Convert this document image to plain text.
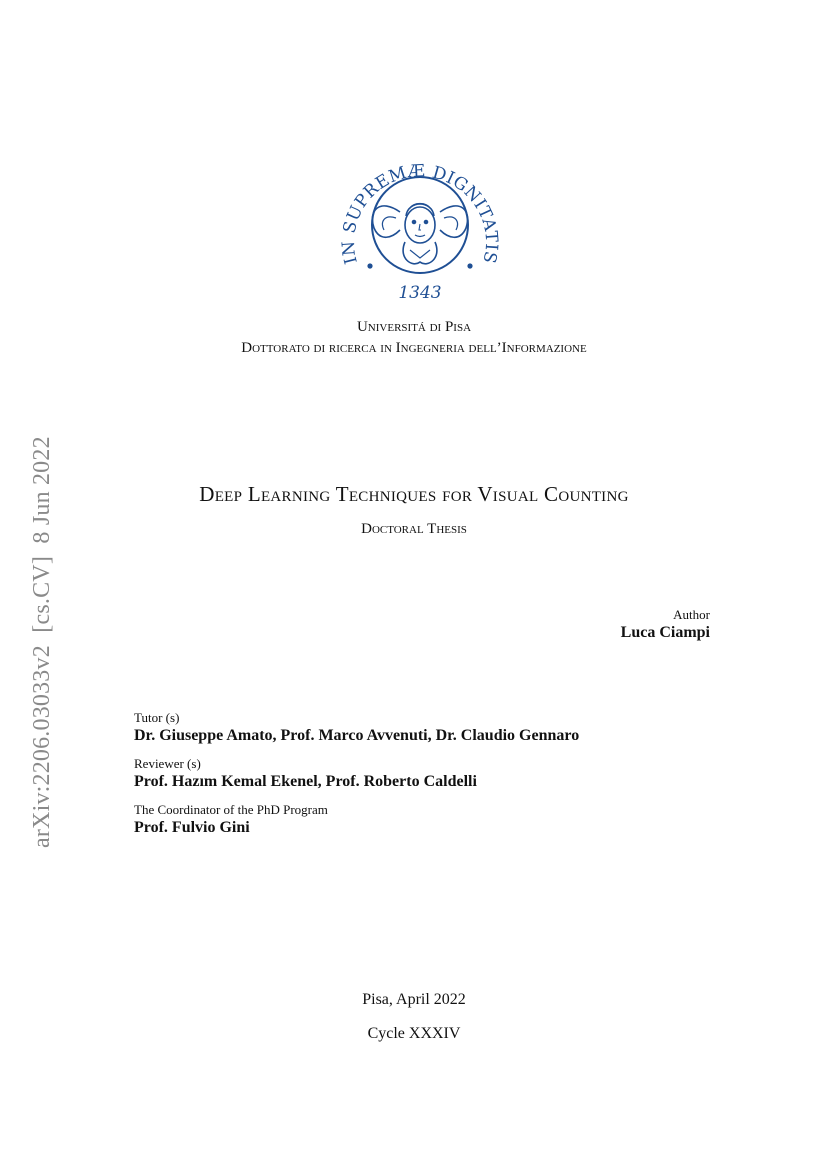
arXiv:2206.03033v2  [cs.CV]  8 Jun 2022
IN SUPREMÆ DIGNITATIS
1343
Universitá di Pisa
Dottorato di ricerca in Ingegneria dell’Informazione
Deep Learning Techniques for Visual Counting
Doctoral Thesis
Author
Luca Ciampi
Tutor (s)
Dr. Giuseppe Amato, Prof. Marco Avvenuti, Dr. Claudio Gennaro
Reviewer (s)
Prof. Hazım Kemal Ekenel, Prof. Roberto Caldelli
The Coordinator of the PhD Program
Prof. Fulvio Gini
Pisa, April 2022
Cycle XXXIV
